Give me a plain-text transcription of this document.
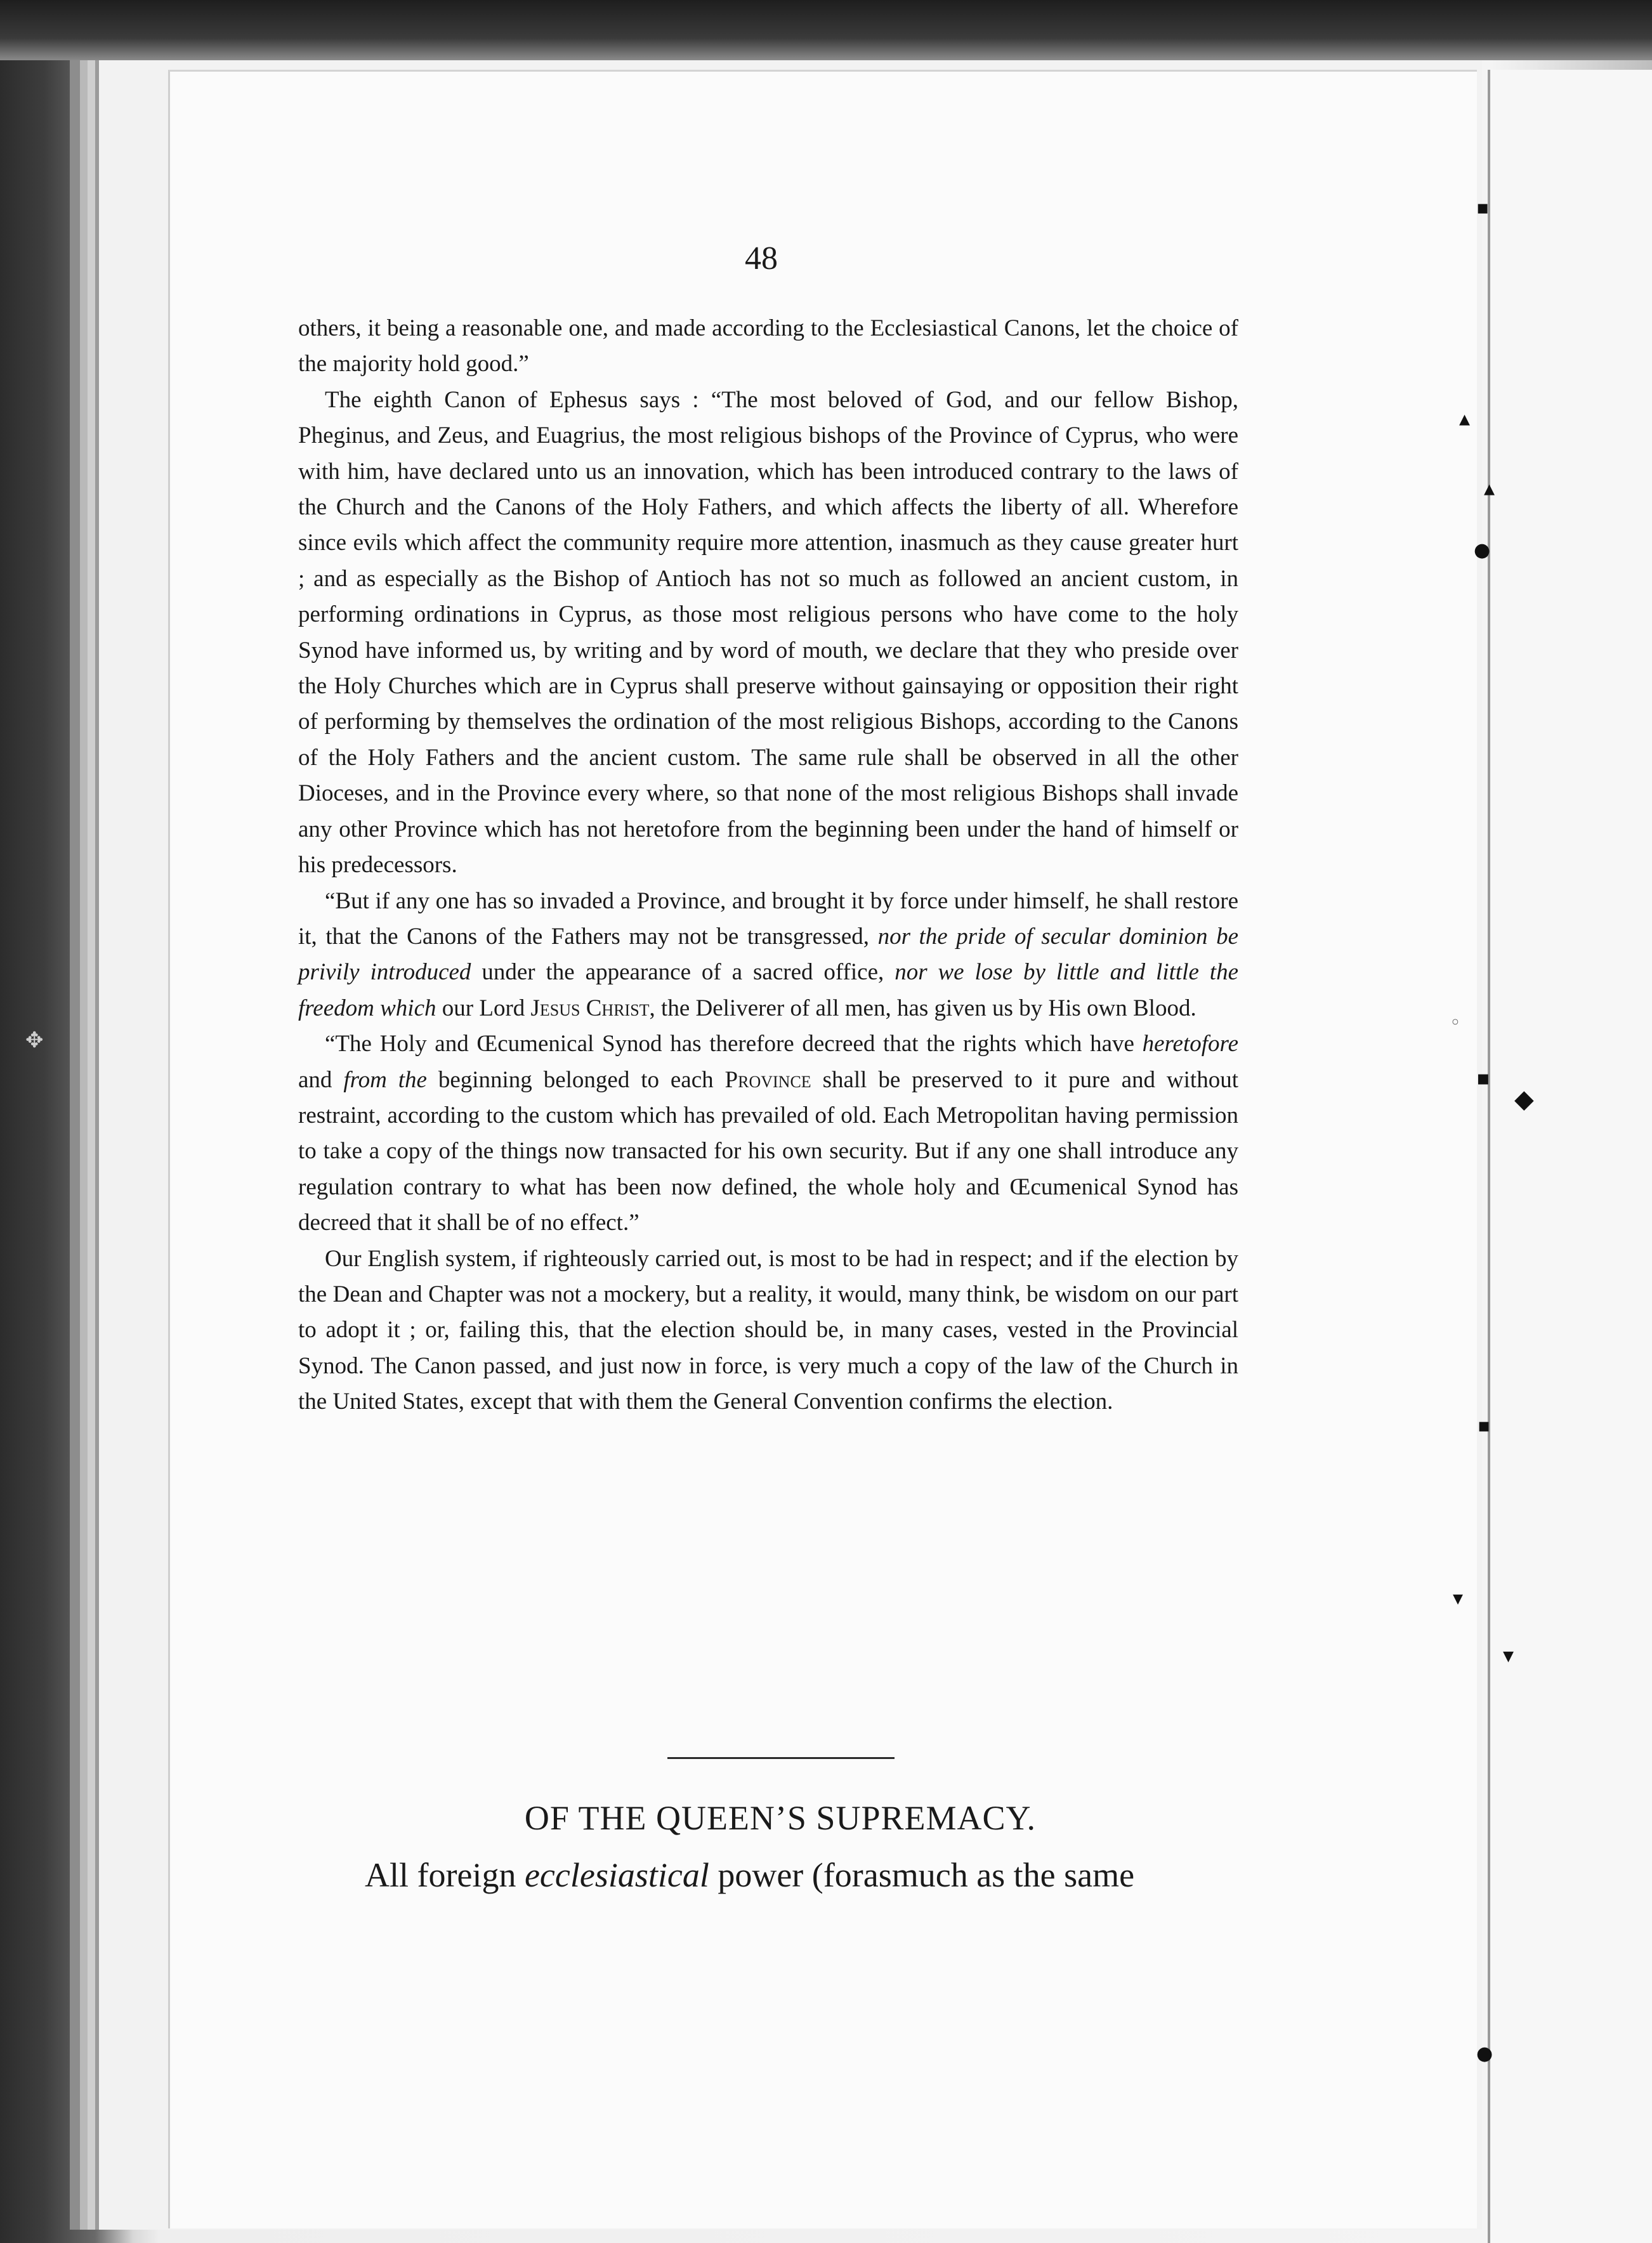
▪
▴
●
▪
◆
▪
▾
●
▴
◦
▾
✥
48

others, it being a reasonable one, and made according to the Ecclesiastical Canons, let the choice of the majority hold good.”

The eighth Canon of Ephesus says : “The most beloved of God, and our fellow Bishop, Pheginus, and Zeus, and Euagrius, the most religious bishops of the Province of Cyprus, who were with him, have declared unto us an innovation, which has been introduced contrary to the laws of the Church and the Canons of the Holy Fathers, and which affects the liberty of all. Wherefore since evils which affect the community require more attention, inasmuch as they cause greater hurt ; and as especially as the Bishop of Antioch has not so much as followed an ancient custom, in performing ordinations in Cyprus, as those most religious persons who have come to the holy Synod have informed us, by writing and by word of mouth, we declare that they who preside over the Holy Churches which are in Cyprus shall preserve without gainsaying or opposition their right of performing by themselves the ordination of the most religious Bishops, according to the Canons of the Holy Fathers and the ancient custom. The same rule shall be observed in all the other Dioceses, and in the Province every where, so that none of the most religious Bishops shall invade any other Province which has not heretofore from the beginning been under the hand of himself or his predecessors.

“But if any one has so invaded a Province, and brought it by force under himself, he shall restore it, that the Canons of the Fathers may not be transgressed, nor the pride of secular dominion be privily introduced under the appearance of a sacred office, nor we lose by little and little the freedom which our Lord Jesus Christ, the Deliverer of all men, has given us by His own Blood.

“The Holy and Œcumenical Synod has therefore decreed that the rights which have heretofore and from the beginning belonged to each Province shall be preserved to it pure and without restraint, according to the custom which has prevailed of old. Each Metropolitan having permission to take a copy of the things now transacted for his own security. But if any one shall introduce any regulation contrary to what has been now defined, the whole holy and Œcumenical Synod has decreed that it shall be of no effect.”

Our English system, if righteously carried out, is most to be had in respect; and if the election by the Dean and Chapter was not a mockery, but a reality, it would, many think, be wisdom on our part to adopt it ; or, failing this, that the election should be, in many cases, vested in the Provincial Synod. The Canon passed, and just now in force, is very much a copy of the law of the Church in the United States, except that with them the General Convention confirms the election.

OF THE QUEEN’S SUPREMACY.
All foreign ecclesiastical power (forasmuch as the same
